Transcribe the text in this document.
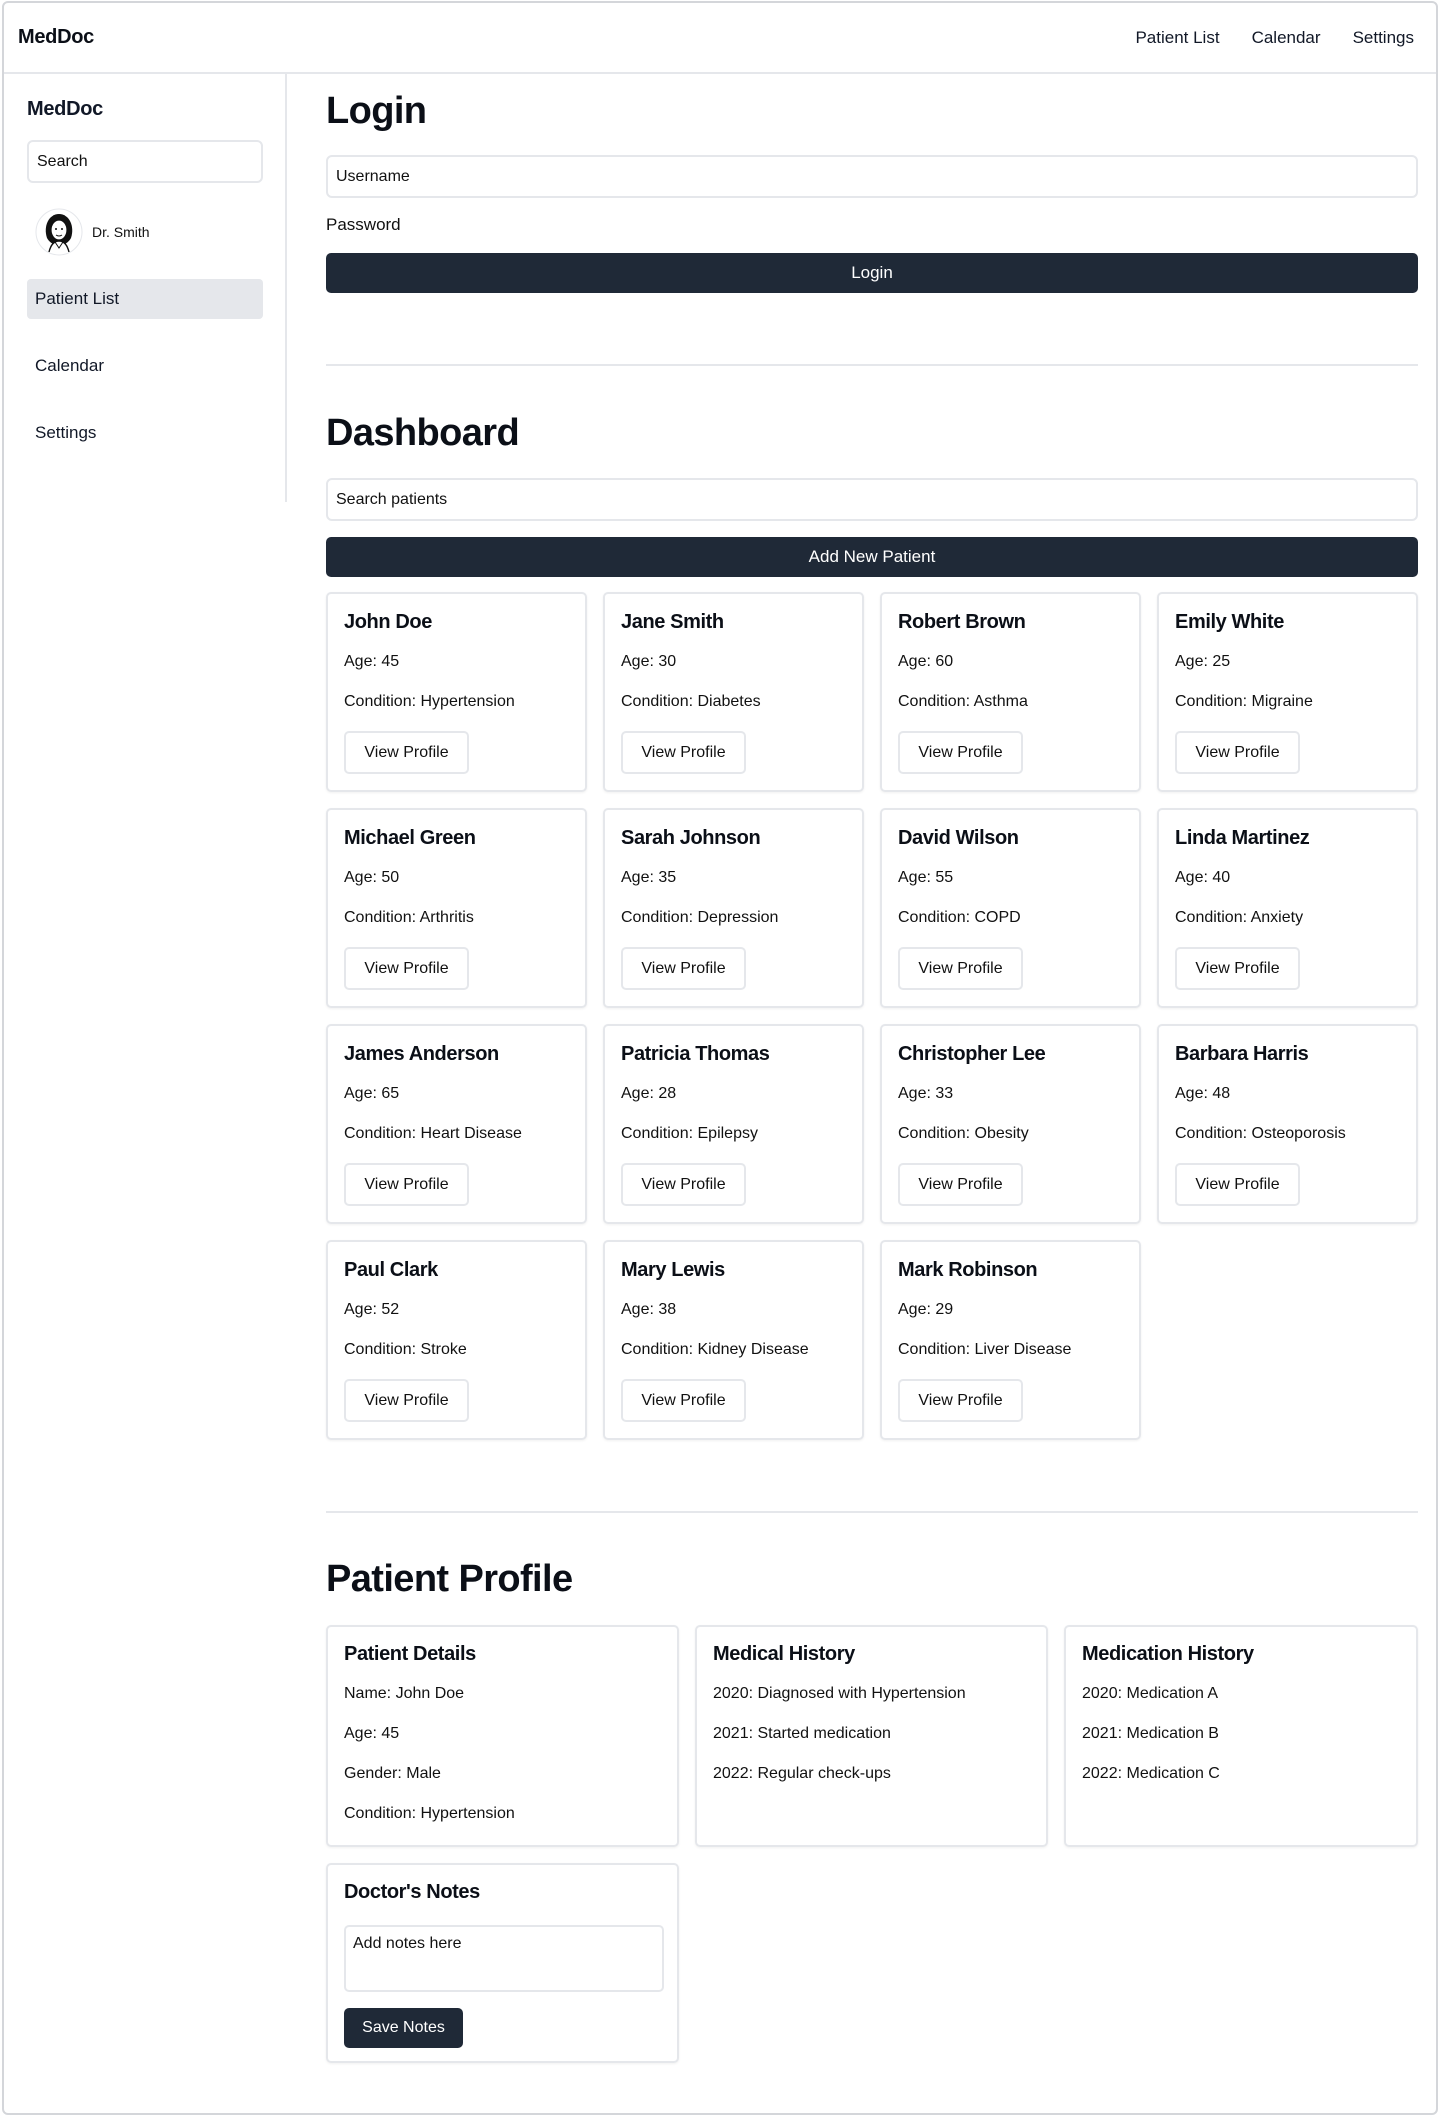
MedDoc	Patient List Calendar Settings
MedDoc
Search
Dr. Smith
Patient List
Calendar
Settings
Login
Username
Password
Login
Dashboard
Search patients
Add New Patient
John Doe
Age: 45
Condition: Hypertension
View Profile
Jane Smith
Age: 30
Condition: Diabetes
View Profile
Robert Brown
Age: 60
Condition: Asthma
View Profile
Emily White
Age: 25
Condition: Migraine
View Profile
Michael Green
Age: 50
Condition: Arthritis
View Profile
Sarah Johnson
Age: 35
Condition: Depression
View Profile
David Wilson
Age: 55
Condition: COPD
View Profile
Linda Martinez
Age: 40
Condition: Anxiety
View Profile
James Anderson
Age: 65
Condition: Heart Disease
View Profile
Patricia Thomas
Age: 28
Condition: Epilepsy
View Profile
Christopher Lee
Age: 33
Condition: Obesity
View Profile
Barbara Harris
Age: 48
Condition: Osteoporosis
View Profile
Paul Clark
Age: 52
Condition: Stroke
View Profile
Mary Lewis
Age: 38
Condition: Kidney Disease
View Profile
Mark Robinson
Age: 29
Condition: Liver Disease
View Profile
Patient Profile
Patient Details
Name: John Doe
Age: 45
Gender: Male
Condition: Hypertension
Medical History
2020: Diagnosed with Hypertension
2021: Started medication
2022: Regular check-ups
Medication History
2020: Medication A
2021: Medication B
2022: Medication C
Doctor's Notes
Add notes here
Save Notes
